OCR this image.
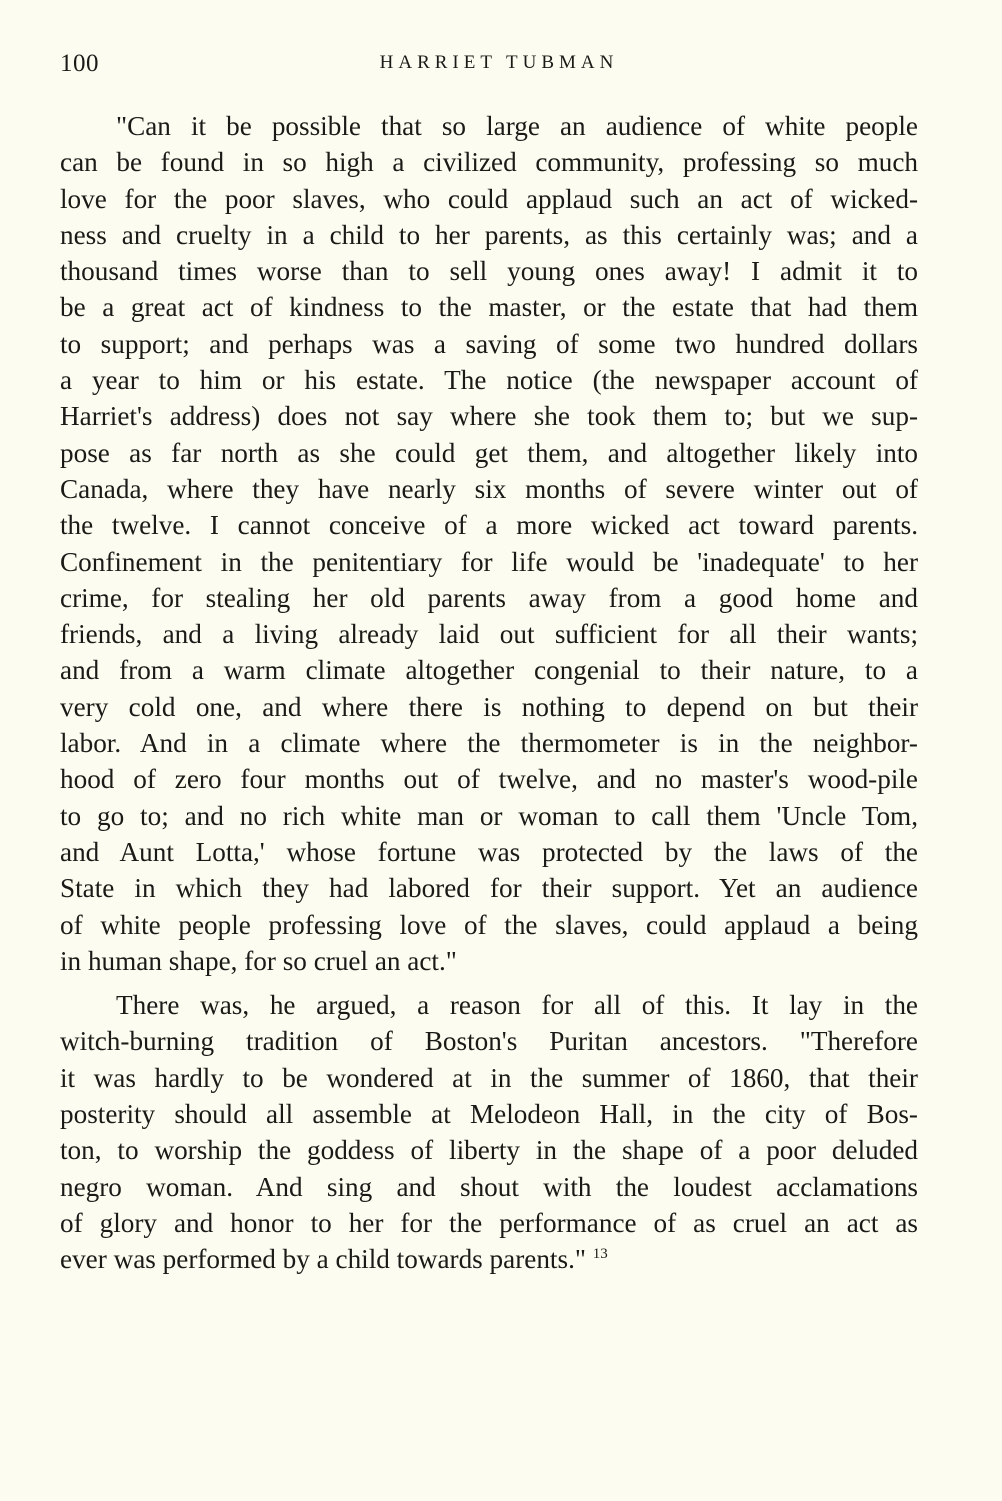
100	HARRIET TUBMAN
"Can it be possible that so large an audience of white people
can be found in so high a civilized community, professing so much
love for the poor slaves, who could applaud such an act of wicked-
ness and cruelty in a child to her parents, as this certainly was; and a
thousand times worse than to sell young ones away! I admit it to
be a great act of kindness to the master, or the estate that had them
to support; and perhaps was a saving of some two hundred dollars
a year to him or his estate. The notice (the newspaper account of
Harriet's address) does not say where she took them to; but we sup-
pose as far north as she could get them, and altogether likely into
Canada, where they have nearly six months of severe winter out of
the twelve. I cannot conceive of a more wicked act toward parents.
Confinement in the penitentiary for life would be 'inadequate' to her
crime, for stealing her old parents away from a good home and
friends, and a living already laid out sufficient for all their wants;
and from a warm climate altogether congenial to their nature, to a
very cold one, and where there is nothing to depend on but their
labor. And in a climate where the thermometer is in the neighbor-
hood of zero four months out of twelve, and no master's wood-pile
to go to; and no rich white man or woman to call them 'Uncle Tom,
and Aunt Lotta,' whose fortune was protected by the laws of the
State in which they had labored for their support. Yet an audience
of white people professing love of the slaves, could applaud a being
in human shape, for so cruel an act."
There was, he argued, a reason for all of this. It lay in the
witch-burning tradition of Boston's Puritan ancestors. "Therefore
it was hardly to be wondered at in the summer of 1860, that their
posterity should all assemble at Melodeon Hall, in the city of Bos-
ton, to worship the goddess of liberty in the shape of a poor deluded
negro woman. And sing and shout with the loudest acclamations
of glory and honor to her for the performance of as cruel an act as
ever was performed by a child towards parents." $^{13}$
